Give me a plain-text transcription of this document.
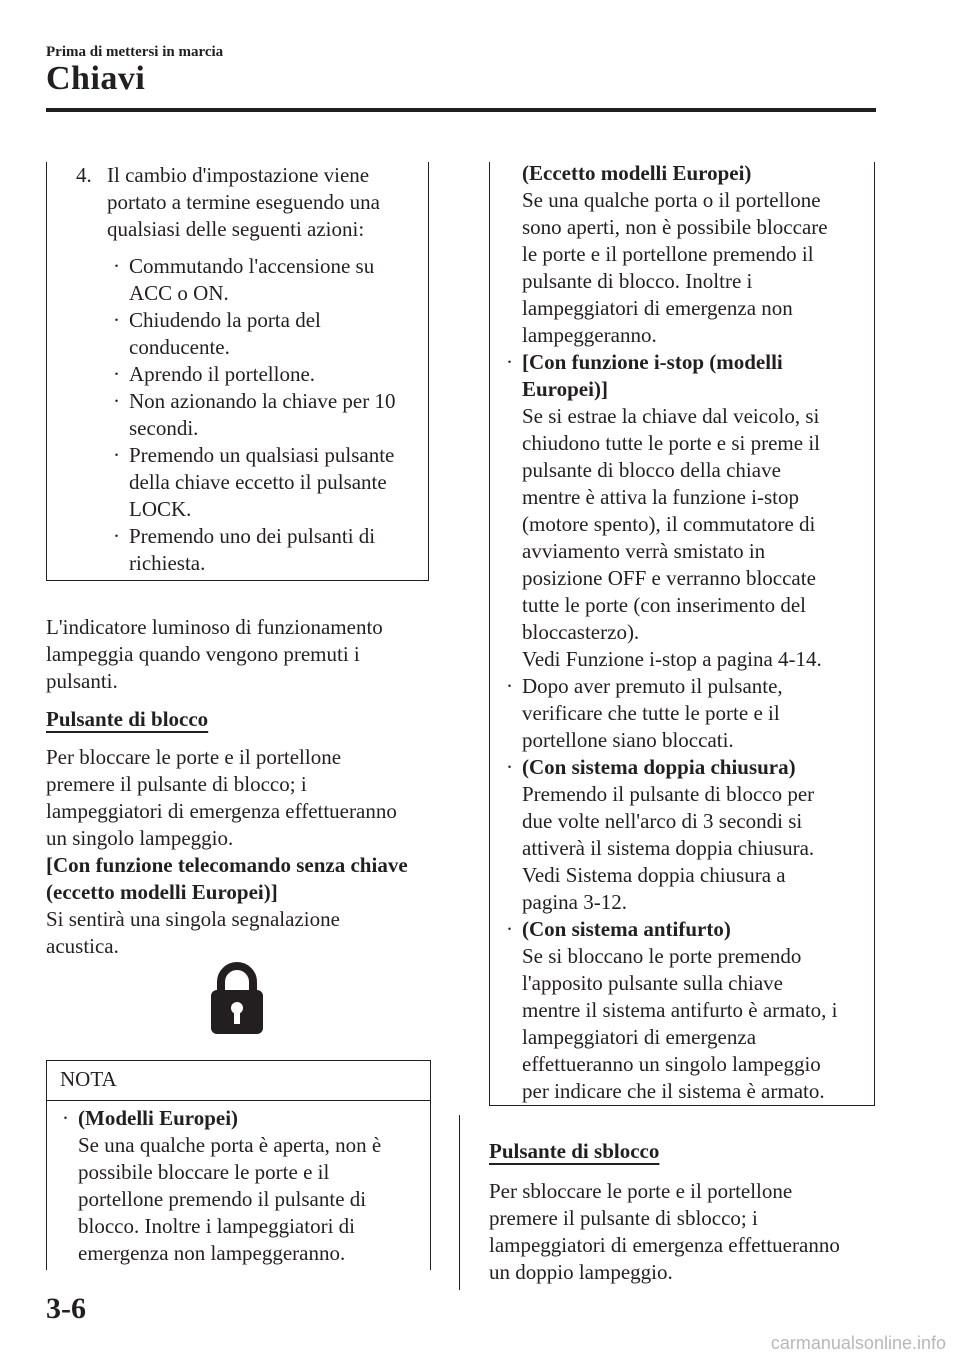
Prima di mettersi in marcia
Chiavi
4. Il cambio d'impostazione viene
portato a termine eseguendo una
qualsiasi delle seguenti azioni:
· Commutando l'accensione su
ACC o ON.
· Chiudendo la porta del
conducente.
· Aprendo il portellone.
· Non azionando la chiave per 10
secondi.
· Premendo un qualsiasi pulsante
della chiave eccetto il pulsante
LOCK.
· Premendo uno dei pulsanti di
richiesta.
L'indicatore luminoso di funzionamento
lampeggia quando vengono premuti i
pulsanti.
Pulsante di blocco
Per bloccare le porte e il portellone
premere il pulsante di blocco; i
lampeggiatori di emergenza effettueranno
un singolo lampeggio.
[Con funzione telecomando senza chiave
(eccetto modelli Europei)]
Si sentirà una singola segnalazione
acustica.
NOTA
· (Modelli Europei)
Se una qualche porta è aperta, non è
possibile bloccare le porte e il
portellone premendo il pulsante di
blocco. Inoltre i lampeggiatori di
emergenza non lampeggeranno.
(Eccetto modelli Europei)
Se una qualche porta o il portellone
sono aperti, non è possibile bloccare
le porte e il portellone premendo il
pulsante di blocco. Inoltre i
lampeggiatori di emergenza non
lampeggeranno.
· [Con funzione i-stop (modelli
Europei)]
Se si estrae la chiave dal veicolo, si
chiudono tutte le porte e si preme il
pulsante di blocco della chiave
mentre è attiva la funzione i-stop
(motore spento), il commutatore di
avviamento verrà smistato in
posizione OFF e verranno bloccate
tutte le porte (con inserimento del
bloccasterzo).
Vedi Funzione i-stop a pagina 4-14.
· Dopo aver premuto il pulsante,
verificare che tutte le porte e il
portellone siano bloccati.
· (Con sistema doppia chiusura)
Premendo il pulsante di blocco per
due volte nell'arco di 3 secondi si
attiverà il sistema doppia chiusura.
Vedi Sistema doppia chiusura a
pagina 3-12.
· (Con sistema antifurto)
Se si bloccano le porte premendo
l'apposito pulsante sulla chiave
mentre il sistema antifurto è armato, i
lampeggiatori di emergenza
effettueranno un singolo lampeggio
per indicare che il sistema è armato.
Pulsante di sblocco
Per sbloccare le porte e il portellone
premere il pulsante di sblocco; i
lampeggiatori di emergenza effettueranno
un doppio lampeggio.
3-6
carmanualsonline.info
